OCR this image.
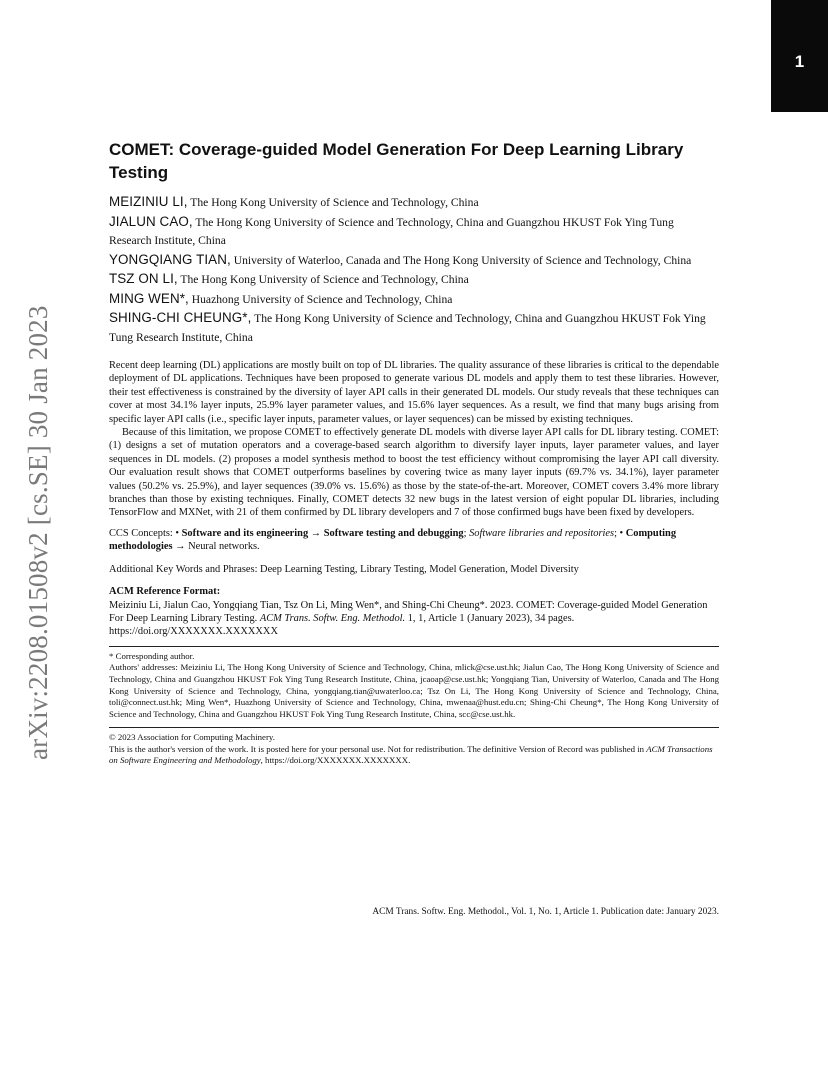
1
arXiv:2208.01508v2 [cs.SE] 30 Jan 2023
COMET: Coverage-guided Model Generation For Deep Learning Library Testing

MEIZINIU LI, The Hong Kong University of Science and Technology, China

JIALUN CAO, The Hong Kong University of Science and Technology, China and Guangzhou HKUST Fok Ying Tung Research Institute, China

YONGQIANG TIAN, University of Waterloo, Canada and The Hong Kong University of Science and Technology, China

TSZ ON LI, The Hong Kong University of Science and Technology, China

MING WEN*, Huazhong University of Science and Technology, China

SHING-CHI CHEUNG*, The Hong Kong University of Science and Technology, China and Guangzhou HKUST Fok Ying Tung Research Institute, China

Recent deep learning (DL) applications are mostly built on top of DL libraries. The quality assurance of these libraries is critical to the dependable deployment of DL applications. Techniques have been proposed to generate various DL models and apply them to test these libraries. However, their test effectiveness is constrained by the diversity of layer API calls in their generated DL models. Our study reveals that these techniques can cover at most 34.1% layer inputs, 25.9% layer parameter values, and 15.6% layer sequences. As a result, we find that many bugs arising from specific layer API calls (i.e., specific layer inputs, parameter values, or layer sequences) can be missed by existing techniques.

Because of this limitation, we propose COMET to effectively generate DL models with diverse layer API calls for DL library testing. COMET: (1) designs a set of mutation operators and a coverage-based search algorithm to diversify layer inputs, layer parameter values, and layer sequences in DL models. (2) proposes a model synthesis method to boost the test efficiency without compromising the layer API call diversity. Our evaluation result shows that COMET outperforms baselines by covering twice as many layer inputs (69.7% vs. 34.1%), layer parameter values (50.2% vs. 25.9%), and layer sequences (39.0% vs. 15.6%) as those by the state-of-the-art. Moreover, COMET covers 3.4% more library branches than those by existing techniques. Finally, COMET detects 32 new bugs in the latest version of eight popular DL libraries, including TensorFlow and MXNet, with 21 of them confirmed by DL library developers and 7 of those confirmed bugs have been fixed by developers.

CCS Concepts: • Software and its engineering → Software testing and debugging; Software libraries and repositories; • Computing methodologies → Neural networks.
Additional Key Words and Phrases: Deep Learning Testing, Library Testing, Model Generation, Model Diversity
ACM Reference Format:
Meiziniu Li, Jialun Cao, Yongqiang Tian, Tsz On Li, Ming Wen*, and Shing-Chi Cheung*. 2023. COMET: Coverage-guided Model Generation For Deep Learning Library Testing. ACM Trans. Softw. Eng. Methodol. 1, 1, Article 1 (January 2023), 34 pages. https://doi.org/XXXXXXX.XXXXXXX

* Corresponding author.

Authors' addresses: Meiziniu Li, The Hong Kong University of Science and Technology, China, mlick@cse.ust.hk; Jialun Cao, The Hong Kong University of Science and Technology, China and Guangzhou HKUST Fok Ying Tung Research Institute, China, jcaoap@cse.ust.hk; Yongqiang Tian, University of Waterloo, Canada and The Hong Kong University of Science and Technology, China, yongqiang.tian@uwaterloo.ca; Tsz On Li, The Hong Kong University of Science and Technology, China, toli@connect.ust.hk; Ming Wen*, Huazhong University of Science and Technology, China, mwenaa@hust.edu.cn; Shing-Chi Cheung*, The Hong Kong University of Science and Technology, China and Guangzhou HKUST Fok Ying Tung Research Institute, China, scc@cse.ust.hk.

© 2023 Association for Computing Machinery.

This is the author's version of the work. It is posted here for your personal use. Not for redistribution. The definitive Version of Record was published in ACM Transactions on Software Engineering and Methodology, https://doi.org/XXXXXXX.XXXXXXX.

ACM Trans. Softw. Eng. Methodol., Vol. 1, No. 1, Article 1. Publication date: January 2023.
